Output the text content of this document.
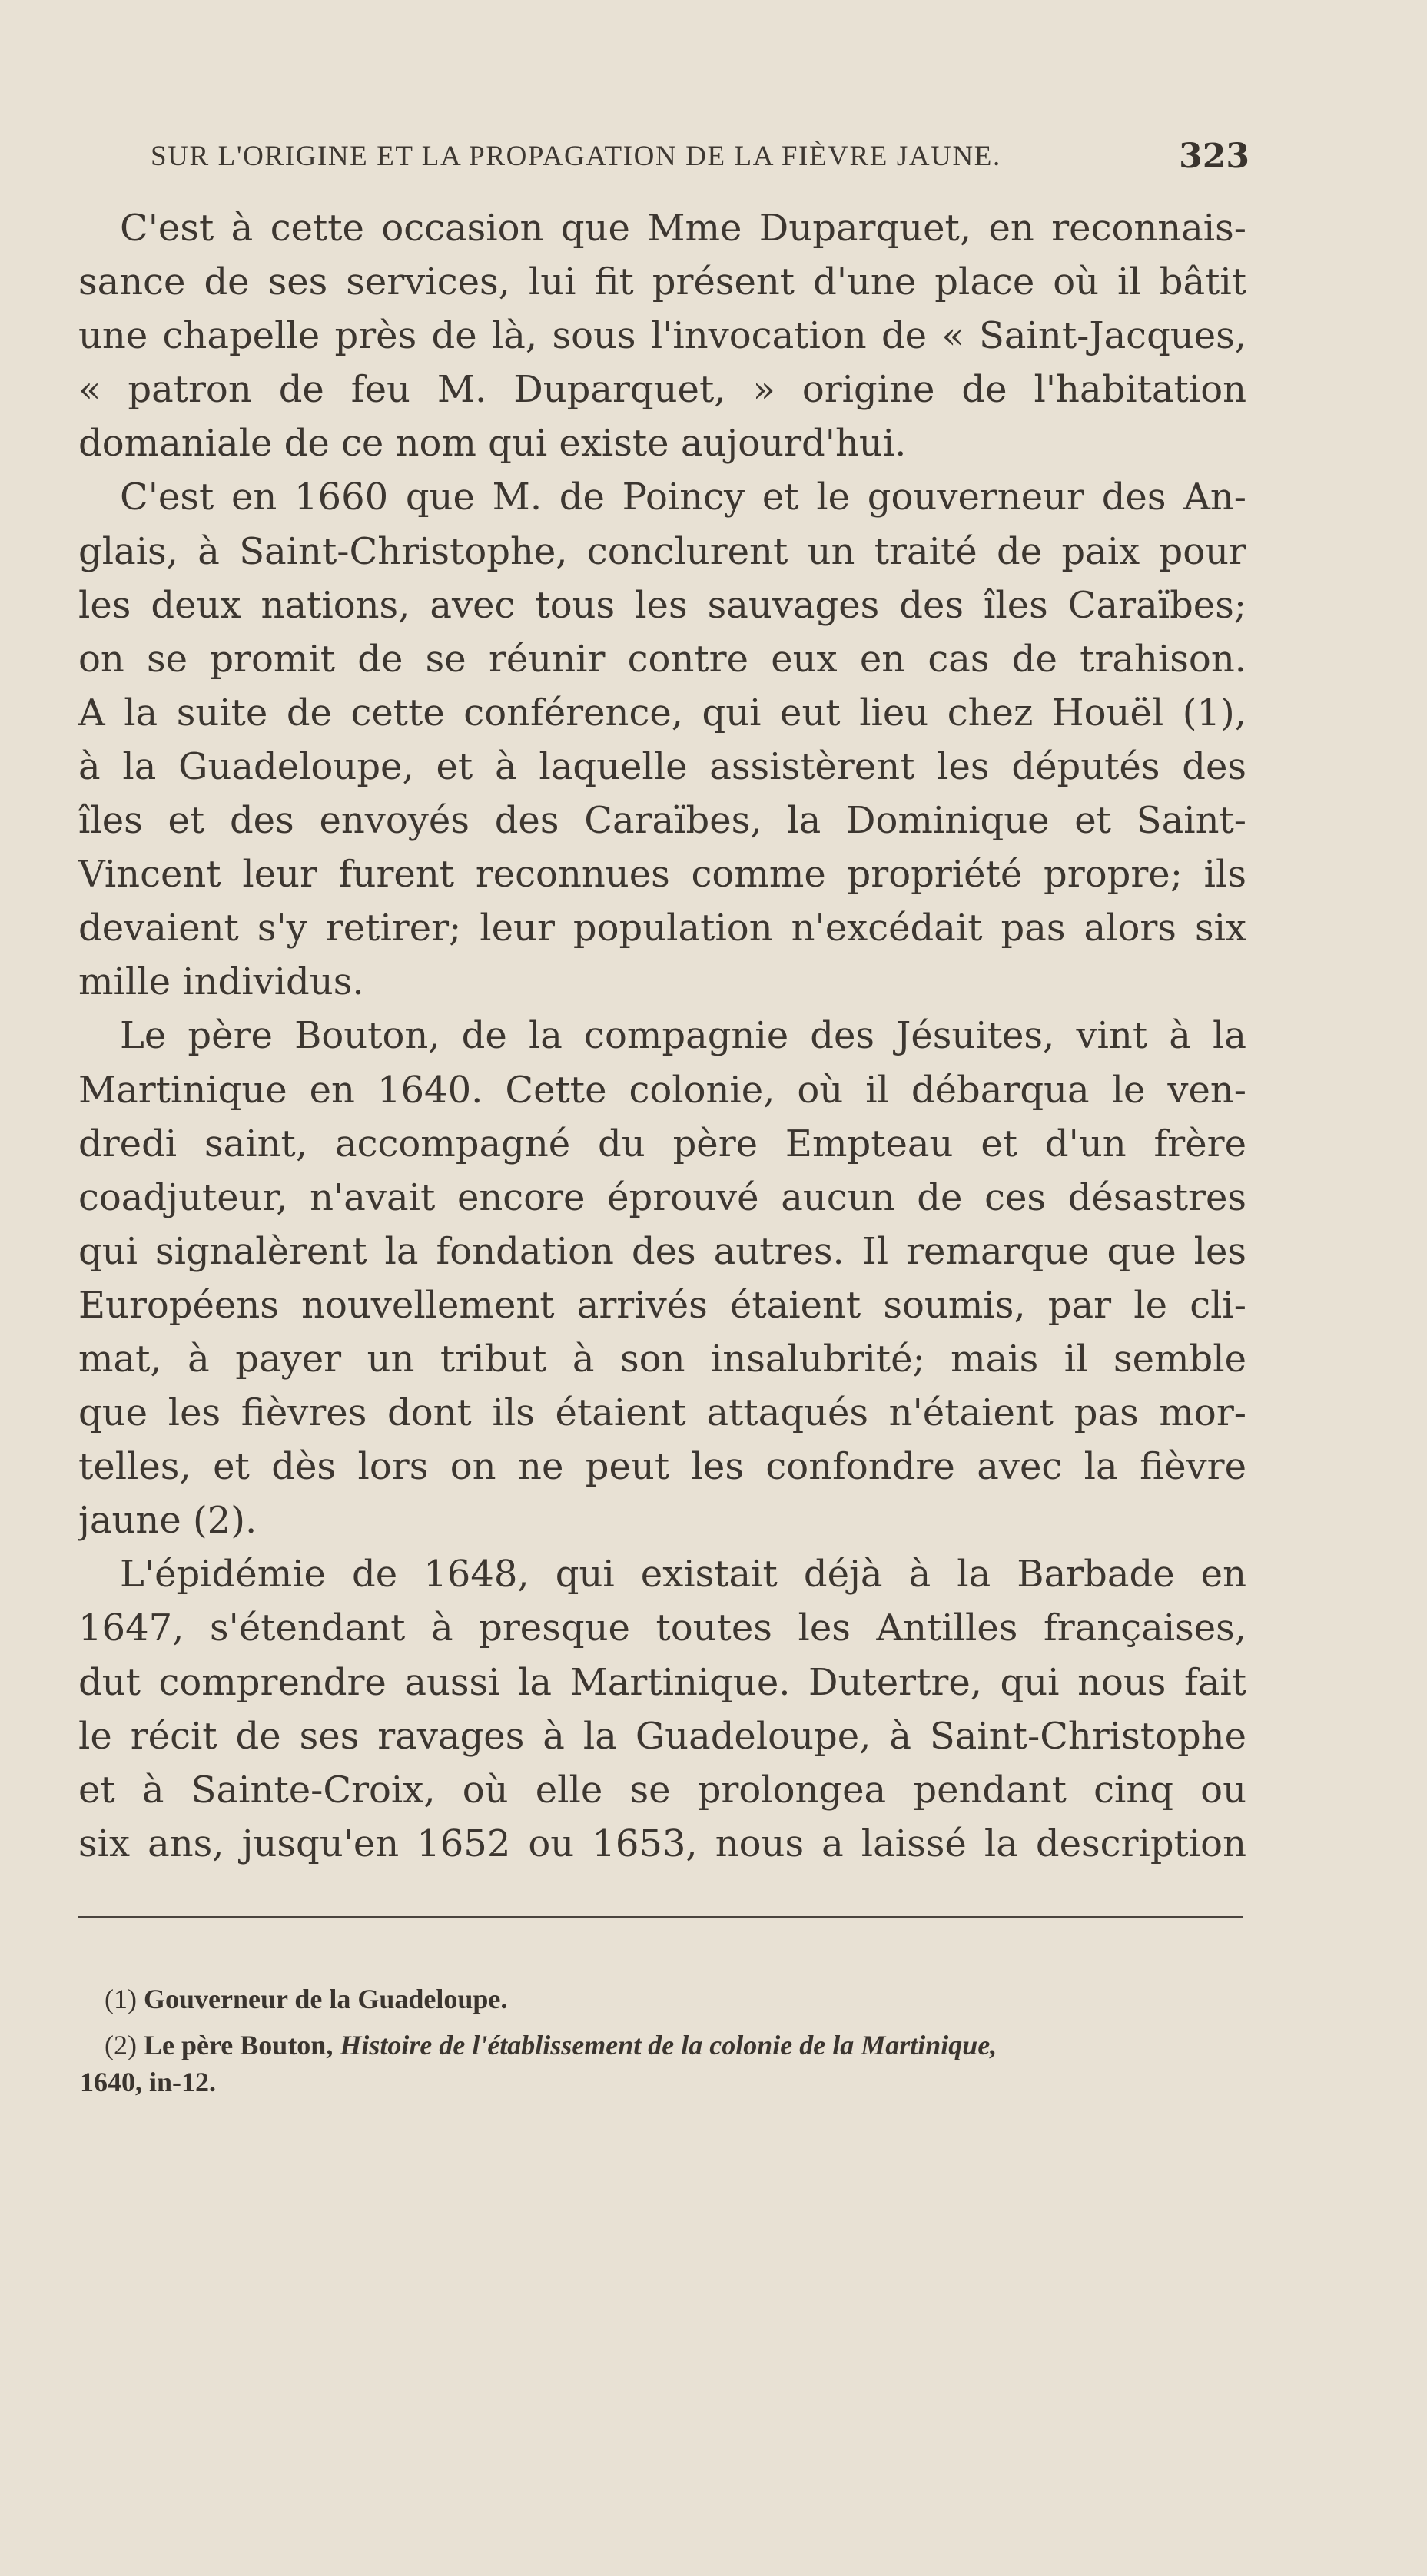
SUR L'ORIGINE ET LA PROPAGATION DE LA FIÈVRE JAUNE.	323
C'est à cette occasion que Mme Duparquet, en reconnais-
sance de ses services, lui fit présent d'une place où il bâtit
une chapelle près de là, sous l'invocation de « Saint-Jacques,
« patron de feu M. Duparquet, » origine de l'habitation
domaniale de ce nom qui existe aujourd'hui.
C'est en 1660 que M. de Poincy et le gouverneur des An-
glais, à Saint-Christophe, conclurent un traité de paix pour
les deux nations, avec tous les sauvages des îles Caraïbes;
on se promit de se réunir contre eux en cas de trahison.
A la suite de cette conférence, qui eut lieu chez Houël (1),
à la Guadeloupe, et à laquelle assistèrent les députés des
îles et des envoyés des Caraïbes, la Dominique et Saint-
Vincent leur furent reconnues comme propriété propre; ils
devaient s'y retirer; leur population n'excédait pas alors six
mille individus.
Le père Bouton, de la compagnie des Jésuites, vint à la
Martinique en 1640. Cette colonie, où il débarqua le ven-
dredi saint, accompagné du père Empteau et d'un frère
coadjuteur, n'avait encore éprouvé aucun de ces désastres
qui signalèrent la fondation des autres. Il remarque que les
Européens nouvellement arrivés étaient soumis, par le cli-
mat, à payer un tribut à son insalubrité; mais il semble
que les fièvres dont ils étaient attaqués n'étaient pas mor-
telles, et dès lors on ne peut les confondre avec la fièvre
jaune (2).
L'épidémie de 1648, qui existait déjà à la Barbade en
1647, s'étendant à presque toutes les Antilles françaises,
dut comprendre aussi la Martinique. Dutertre, qui nous fait
le récit de ses ravages à la Guadeloupe, à Saint-Christophe
et à Sainte-Croix, où elle se prolongea pendant cinq ou
six ans, jusqu'en 1652 ou 1653, nous a laissé la description
(1) Gouverneur de la Guadeloupe.
(2) Le père Bouton, Histoire de l'établissement de la colonie de la Martinique,
1640, in-12.
